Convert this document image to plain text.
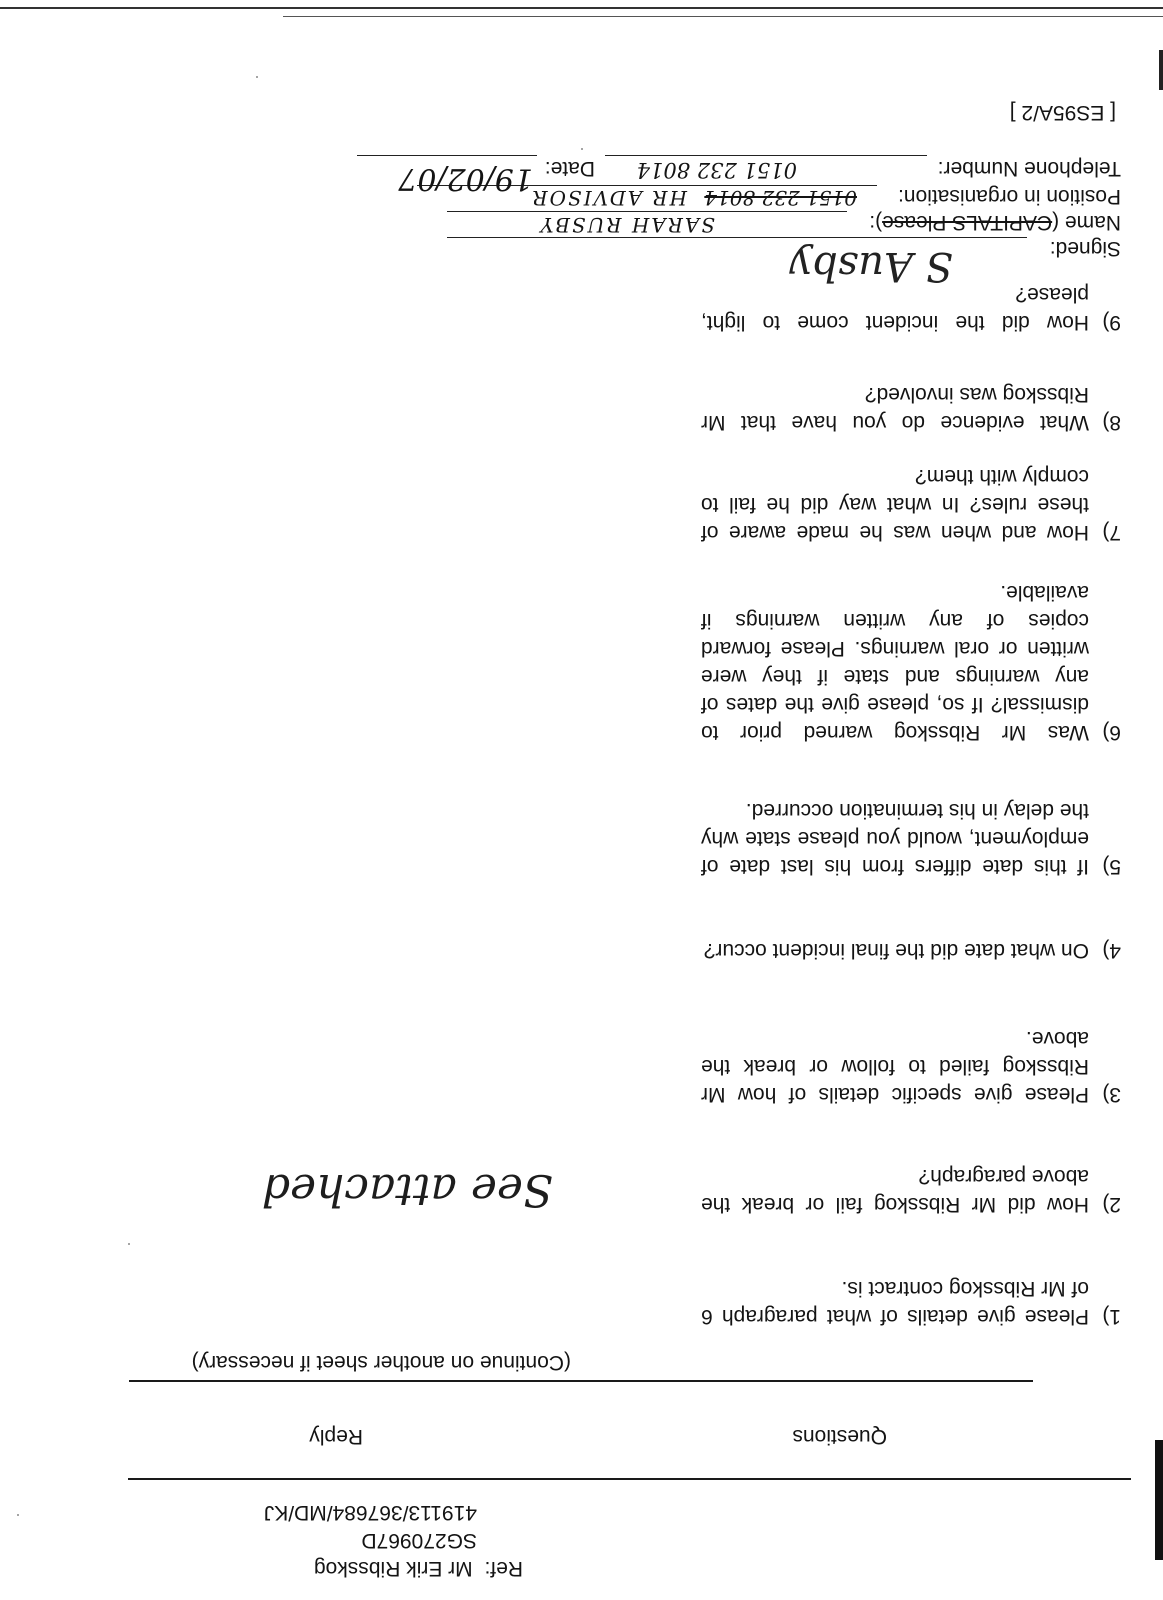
Ref: Mr Erik Ribsskog
SG270967D
419113/367684/MD/KJ
Questions
Reply
(Continue on another sheet if necessary)
1)
Please give details of what paragraph 6 of Mr Ribsskog contract is.
2)
How did Mr Ribsskog fail or break the above paragraph?
3)
Please give specific details of how Mr Ribsskog failed to follow or break the above.
4)
On what date did the final incident occur?
5)
If this date differs from his last date of employment, would you please state why the delay in his termination occurred.
6)
Was Mr Ribsskog warned prior to dismissal? If so, please give the dates of any warnings and state if they were written or oral warnings. Please forward copies of any written warnings if available.
7)
How and when was he made aware of these rules? In what way did he fail to comply with them?
8)
What evidence do you have that Mr Ribsskog was involved?
9)
How did the incident come to light, please?
See attached
Signed:
S Ausby
Name (CAPITALS Please):
SARAH RUSBY
Position in organisation:
0151 232 8014
HR ADVISOR
Telephone Number:
0151 232 8014
Date:
19/02/07
[ ES95A/2 ]
